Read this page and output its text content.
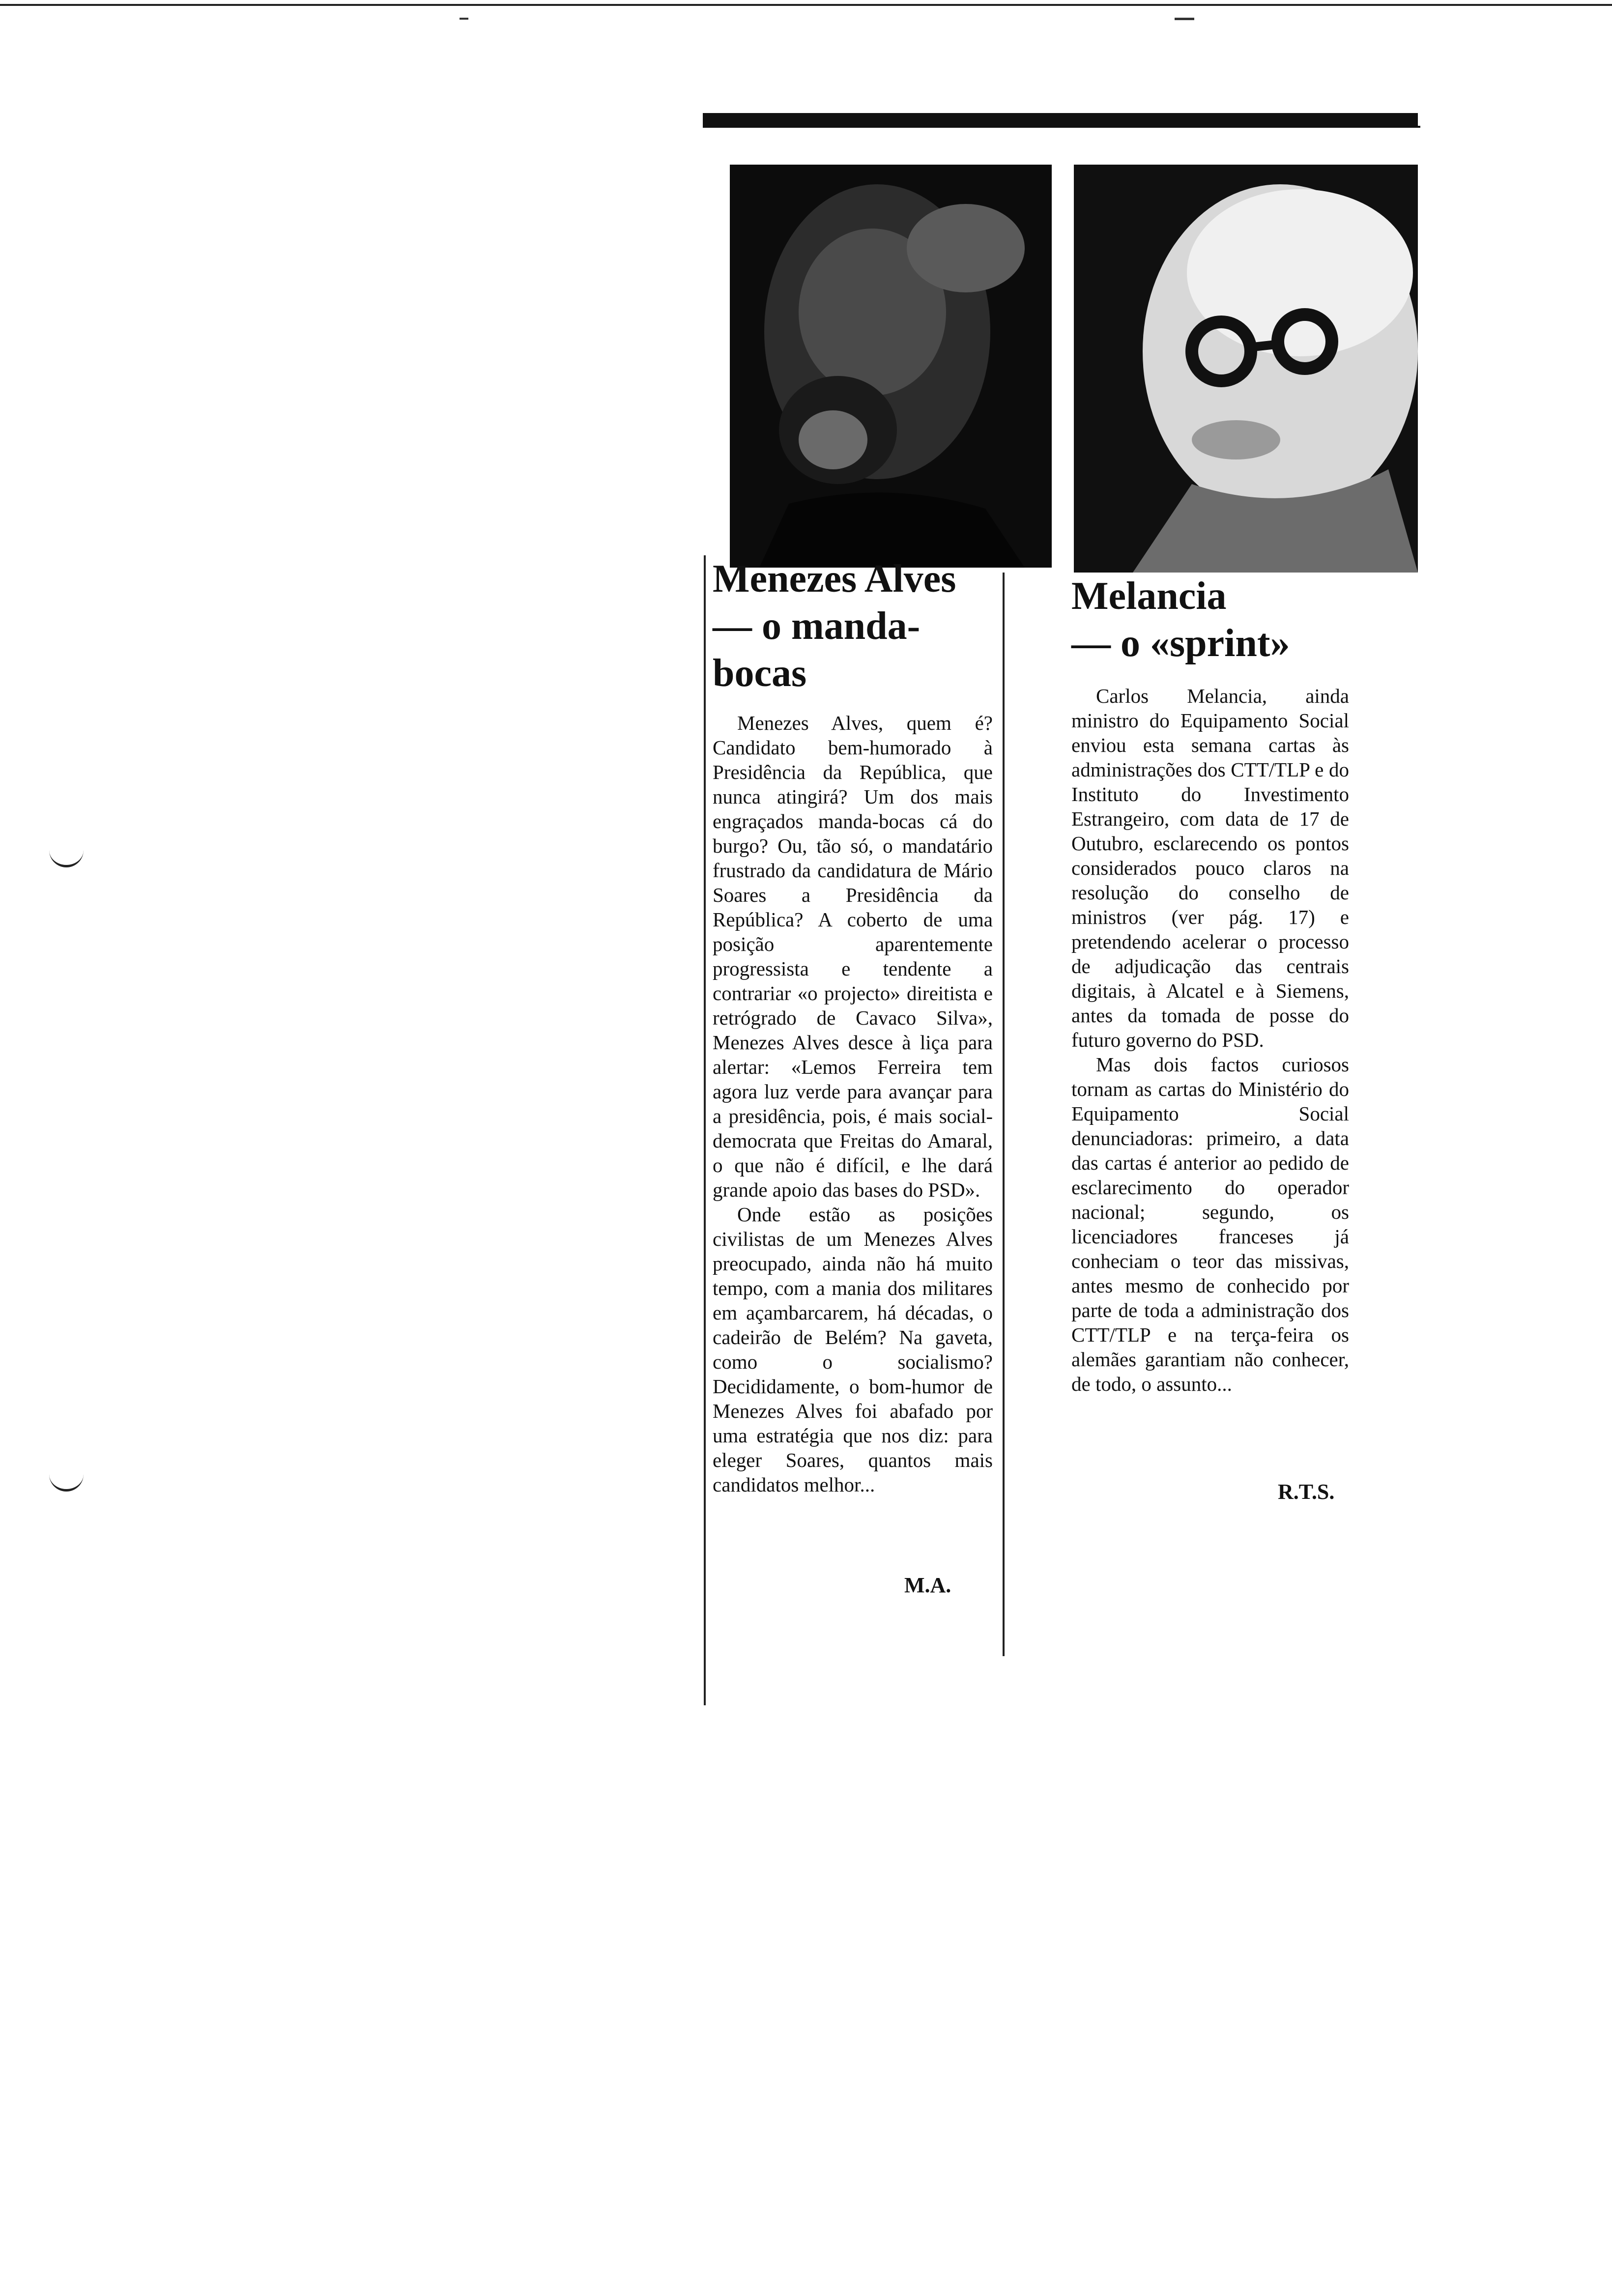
Menezes Alves
— o manda-bocas

Menezes Alves, quem é? Candidato bem-humorado à Presidência da República, que nunca atingirá? Um dos mais engraçados manda-bocas cá do burgo? Ou, tão só, o mandatário frustrado da candidatura de Mário Soares a Presidência da República? A coberto de uma posição aparentemente progressista e tendente a contrariar «o projecto» direitista e retrógrado de Cavaco Silva», Menezes Alves desce à liça para alertar: «Lemos Ferreira tem agora luz verde para avançar para a presidência, pois, é mais social-democrata que Freitas do Amaral, o que não é difícil, e lhe dará grande apoio das bases do PSD».

Onde estão as posições civilistas de um Menezes Alves preocupado, ainda não há muito tempo, com a mania dos militares em açambarcarem, há décadas, o cadeirão de Belém? Na gaveta, como o socialismo? Decididamente, o bom-humor de Menezes Alves foi abafado por uma estratégia que nos diz: para eleger Soares, quantos mais candidatos melhor...

M.A.
Melancia
— o «sprint»

Carlos Melancia, ainda ministro do Equipamento Social enviou esta semana cartas às administrações dos CTT/TLP e do Instituto do Investimento Estrangeiro, com data de 17 de Outubro, esclarecendo os pontos considerados pouco claros na resolução do conselho de ministros (ver pág. 17) e pretendendo acelerar o processo de adjudicação das centrais digitais, à Alcatel e à Siemens, antes da tomada de posse do futuro governo do PSD.

Mas dois factos curiosos tornam as cartas do Ministério do Equipamento Social denunciadoras: primeiro, a data das cartas é anterior ao pedido de esclarecimento do operador nacional; segundo, os licenciadores franceses já conheciam o teor das missivas, antes mesmo de conhecido por parte de toda a administração dos CTT/TLP e na terça-feira os alemães garantiam não conhecer, de todo, o assunto...

R.T.S.
